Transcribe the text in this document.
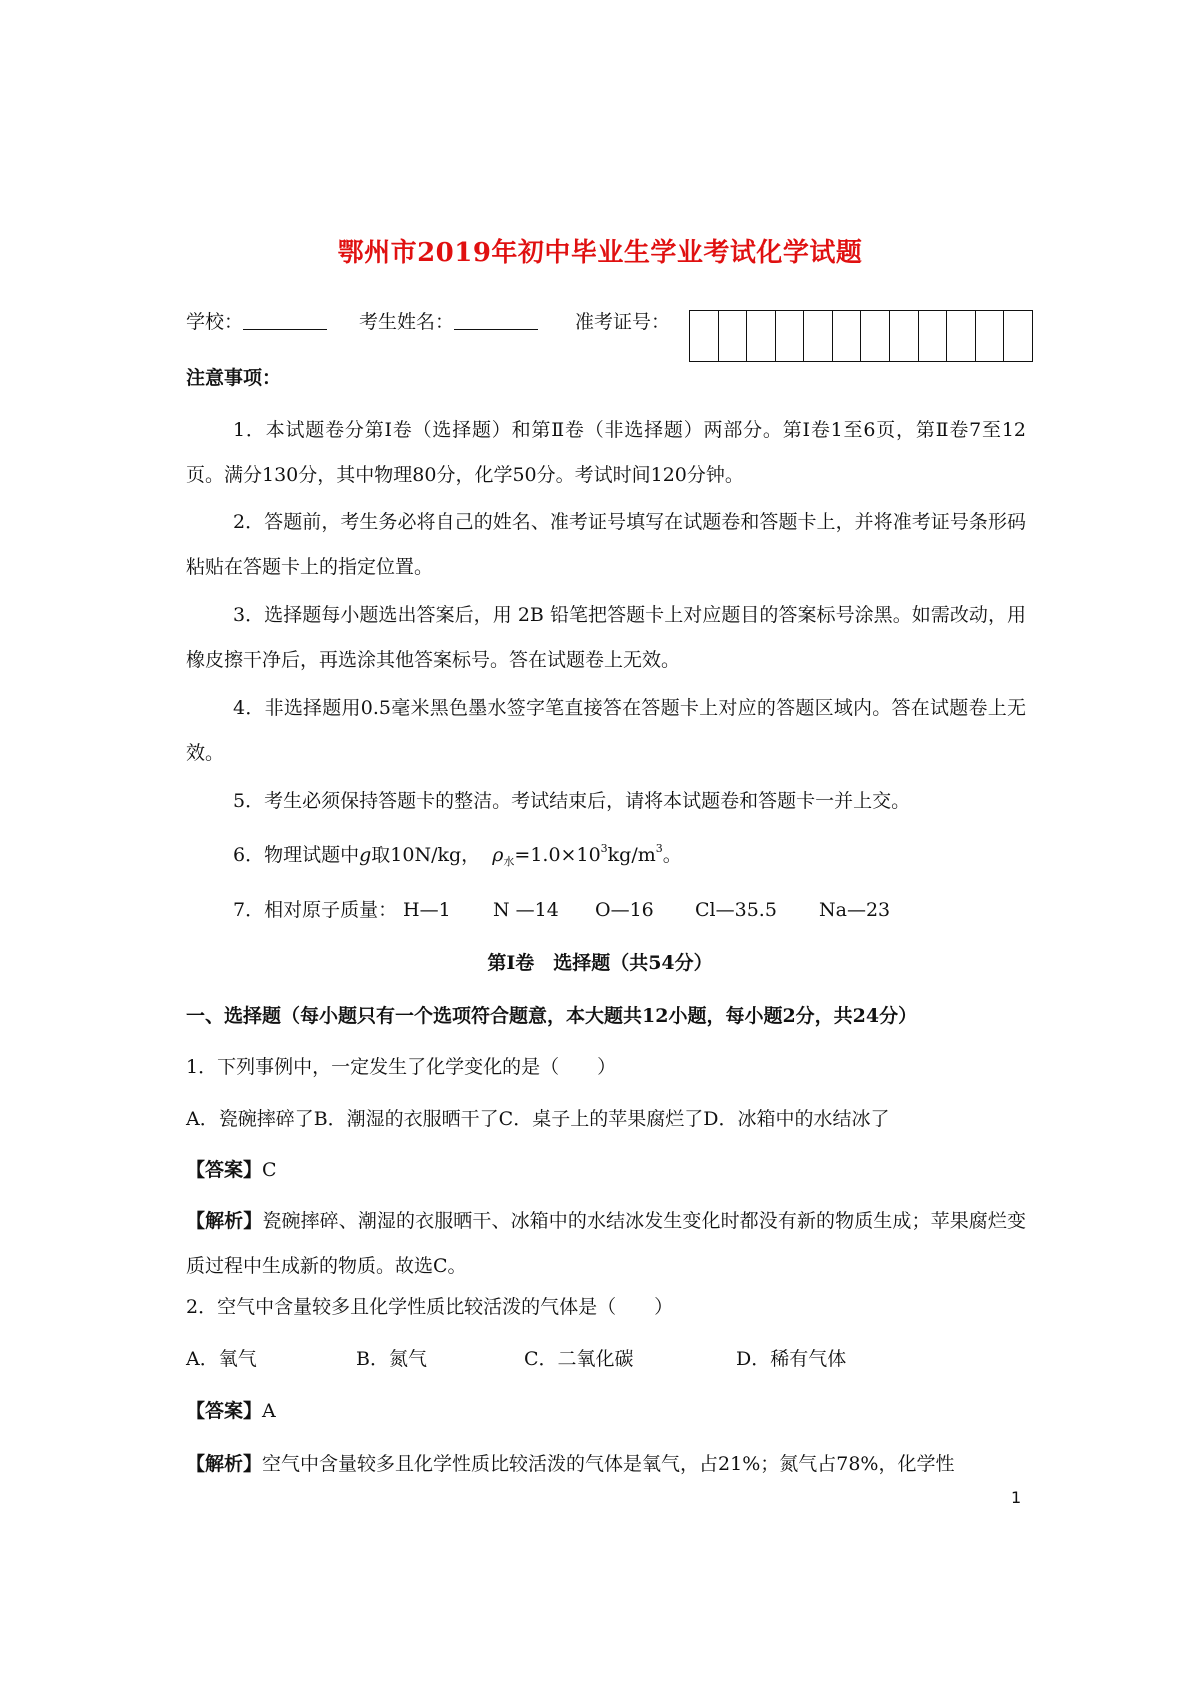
鄂州市2019年初中毕业生学业考试化学试题
学校：	考生姓名：	准考证号：
注意事项：
1．本试题卷分第Ⅰ卷（选择题）和第Ⅱ卷（非选择题）两部分。第Ⅰ卷1至6页，第Ⅱ卷7至12页。满分130分，其中物理80分，化学50分。考试时间120分钟。
2．答题前，考生务必将自己的姓名、准考证号填写在试题卷和答题卡上，并将准考证号条形码粘贴在答题卡上的指定位置。
3．选择题每小题选出答案后，用 2B 铅笔把答题卡上对应题目的答案标号涂黑。如需改动，用橡皮擦干净后，再选涂其他答案标号。答在试题卷上无效。
4．非选择题用0.5毫米黑色墨水签字笔直接答在答题卡上对应的答题区域内。答在试题卷上无效。
5．考生必须保持答题卡的整洁。考试结束后，请将本试题卷和答题卡一并上交。
6．物理试题中g取10N/kg， $\rho_水=1.0\times 10^3kg/m^3$。
7．相对原子质量： H—1 N —14 O—16 Cl—35.5 Na—23
第Ⅰ卷　选择题（共54分）
一、选择题（每小题只有一个选项符合题意，本大题共12小题，每小题2分，共24分）
1．下列事例中，一定发生了化学变化的是（　　）
A．瓷碗摔碎了B．潮湿的衣服晒干了C．桌子上的苹果腐烂了D．冰箱中的水结冰了
【答案】C
【解析】瓷碗摔碎、潮湿的衣服晒干、冰箱中的水结冰发生变化时都没有新的物质生成；苹果腐烂变质过程中生成新的物质。故选C。
2．空气中含量较多且化学性质比较活泼的气体是（　　）
A．氧气	B．氮气	C．二氧化碳	D．稀有气体
【答案】A
【解析】空气中含量较多且化学性质比较活泼的气体是氧气，占21%；氮气占78%，化学性
1
